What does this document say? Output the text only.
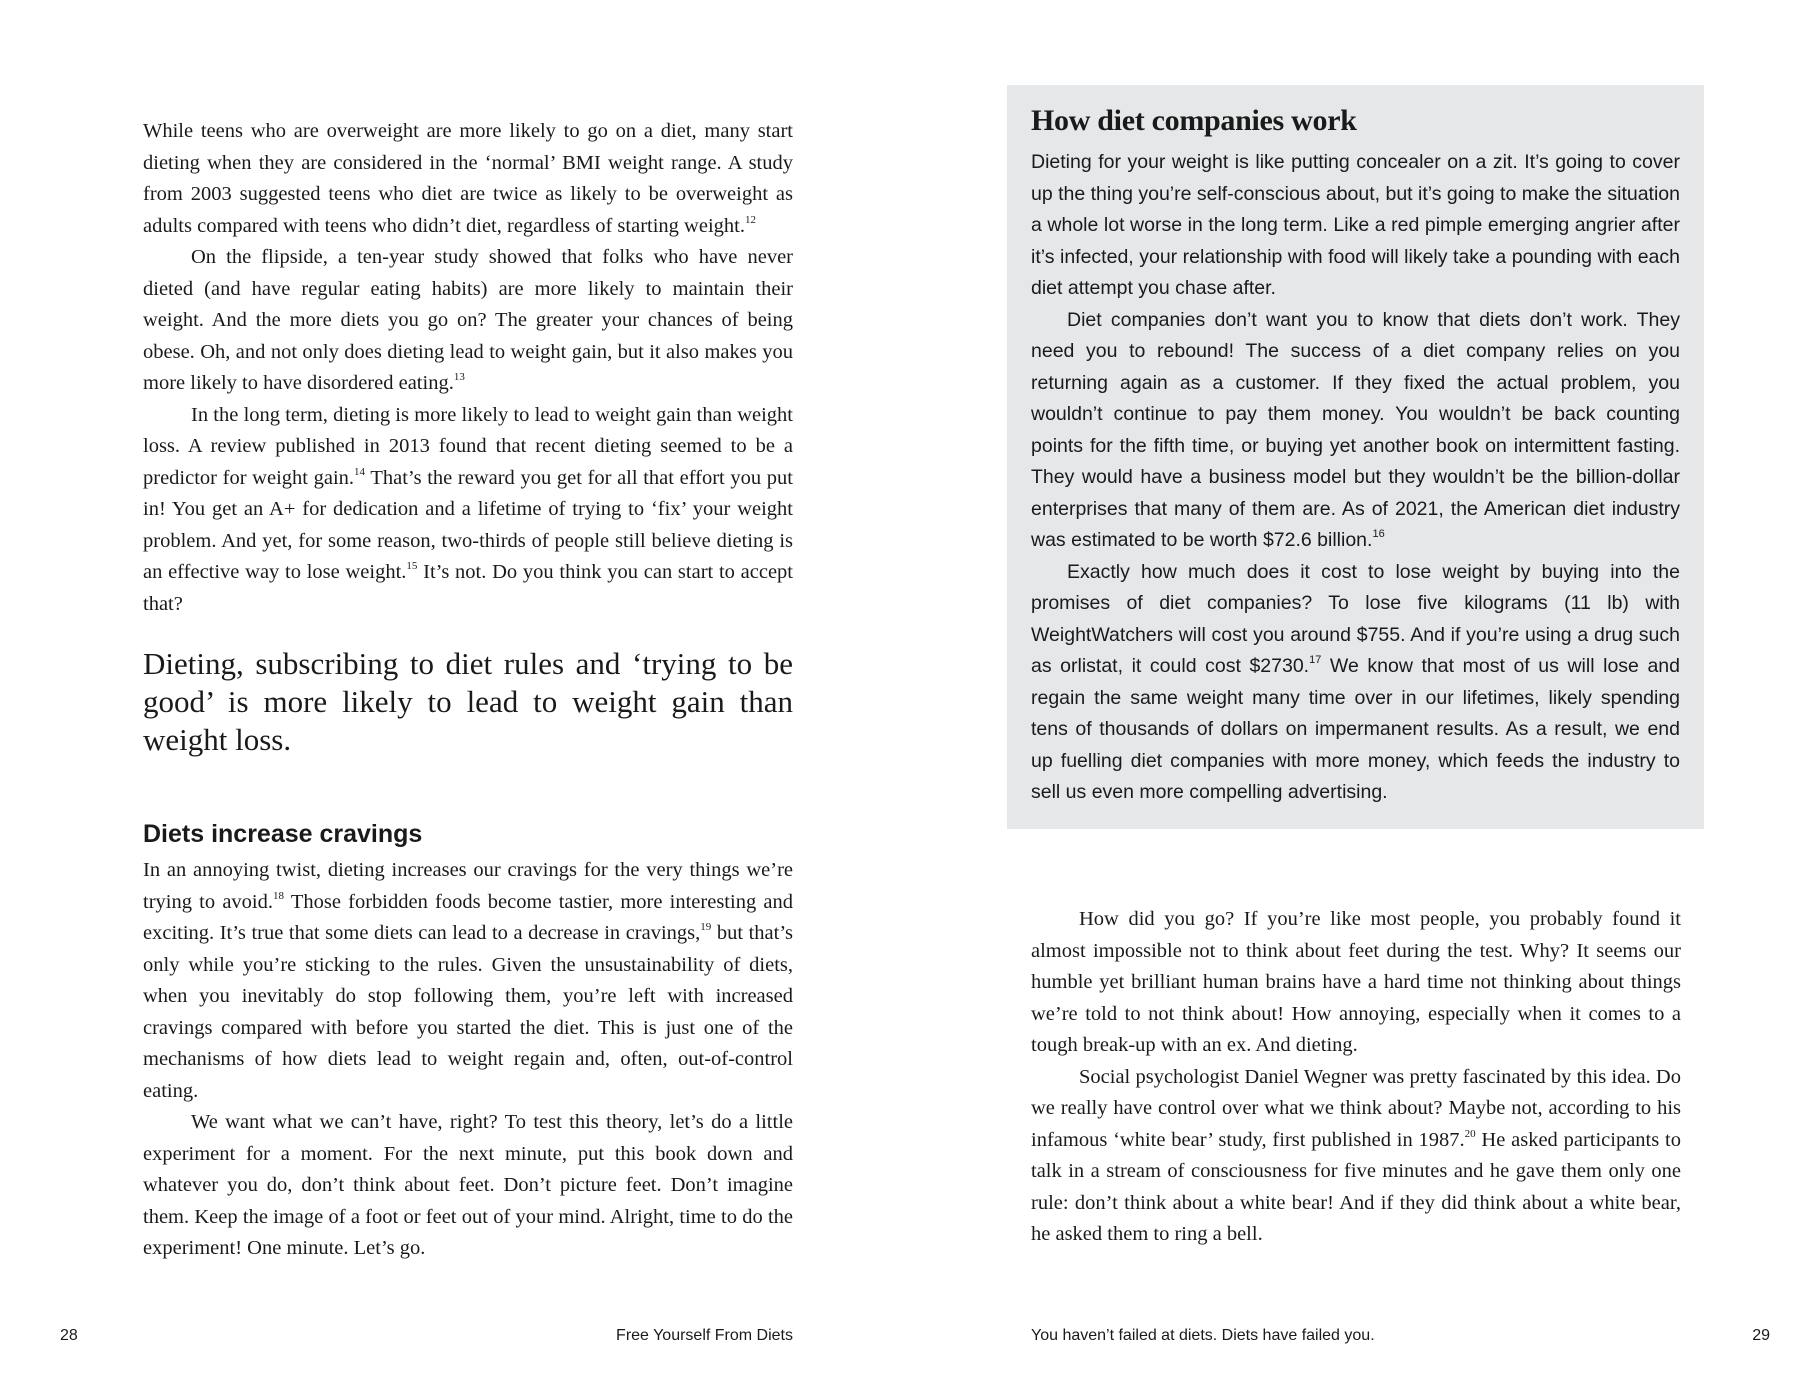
While teens who are overweight are more likely to go on a diet, many start dieting when they are considered in the ‘normal’ BMI weight range. A study from 2003 suggested teens who diet are twice as likely to be overweight as adults compared with teens who didn’t diet, regardless of starting weight.$^{12}$

On the flipside, a ten-year study showed that folks who have never dieted (and have regular eating habits) are more likely to maintain their weight. And the more diets you go on? The greater your chances of being obese. Oh, and not only does dieting lead to weight gain, but it also makes you more likely to have disordered eating.$^{13}$

In the long term, dieting is more likely to lead to weight gain than weight loss. A review published in 2013 found that recent dieting seemed to be a predictor for weight gain.$^{14}$ That’s the reward you get for all that effort you put in! You get an A+ for dedication and a lifetime of trying to ‘fix’ your weight problem. And yet, for some reason, two-thirds of people still believe dieting is an effective way to lose weight.$^{15}$ It’s not. Do you think you can start to accept that?

Dieting, subscribing to diet rules and ‘trying to be good’ is more likely to lead to weight gain than weight loss.

Diets increase cravings

In an annoying twist, dieting increases our cravings for the very things we’re trying to avoid.$^{18}$ Those forbidden foods become tastier, more interesting and exciting. It’s true that some diets can lead to a decrease in cravings,$^{19}$ but that’s only while you’re sticking to the rules. Given the unsustainability of diets, when you inevitably do stop following them, you’re left with increased cravings compared with before you started the diet. This is just one of the mechanisms of how diets lead to weight regain and, often, out-of-control eating.

We want what we can’t have, right? To test this theory, let’s do a little experiment for a moment. For the next minute, put this book down and whatever you do, don’t think about feet. Don’t picture feet. Don’t imagine them. Keep the image of a foot or feet out of your mind. Alright, time to do the experiment! One minute. Let’s go.

28	Free Yourself From Diets
How diet companies work

Dieting for your weight is like putting concealer on a zit. It’s going to cover up the thing you’re self-conscious about, but it’s going to make the situation a whole lot worse in the long term. Like a red pimple emerging angrier after it’s infected, your relationship with food will likely take a pounding with each diet attempt you chase after.

Diet companies don’t want you to know that diets don’t work. They need you to rebound! The success of a diet company relies on you returning again as a customer. If they fixed the actual problem, you wouldn’t continue to pay them money. You wouldn’t be back counting points for the fifth time, or buying yet another book on intermittent fasting. They would have a business model but they wouldn’t be the billion-dollar enterprises that many of them are. As of 2021, the American diet industry was estimated to be worth $72.6 billion.$^{16}$

Exactly how much does it cost to lose weight by buying into the promises of diet companies? To lose five kilograms (11 lb) with WeightWatchers will cost you around $755. And if you’re using a drug such as orlistat, it could cost $2730.17 We know that most of us will lose and regain the same weight many time over in our lifetimes, likely spending tens of thousands of dollars on impermanent results. As a result, we end up fuelling diet companies with more money, which feeds the industry to sell us even more compelling advertising.

How did you go? If you’re like most people, you probably found it almost impossible not to think about feet during the test. Why? It seems our humble yet brilliant human brains have a hard time not thinking about things we’re told to not think about! How annoying, especially when it comes to a tough break-up with an ex. And dieting.

Social psychologist Daniel Wegner was pretty fascinated by this idea. Do we really have control over what we think about? Maybe not, according to his infamous ‘white bear’ study, first published in 1987.20 He asked participants to talk in a stream of consciousness for five minutes and he gave them only one rule: don’t think about a white bear! And if they did think about a white bear, he asked them to ring a bell.

You haven’t failed at diets. Diets have failed you.	29
